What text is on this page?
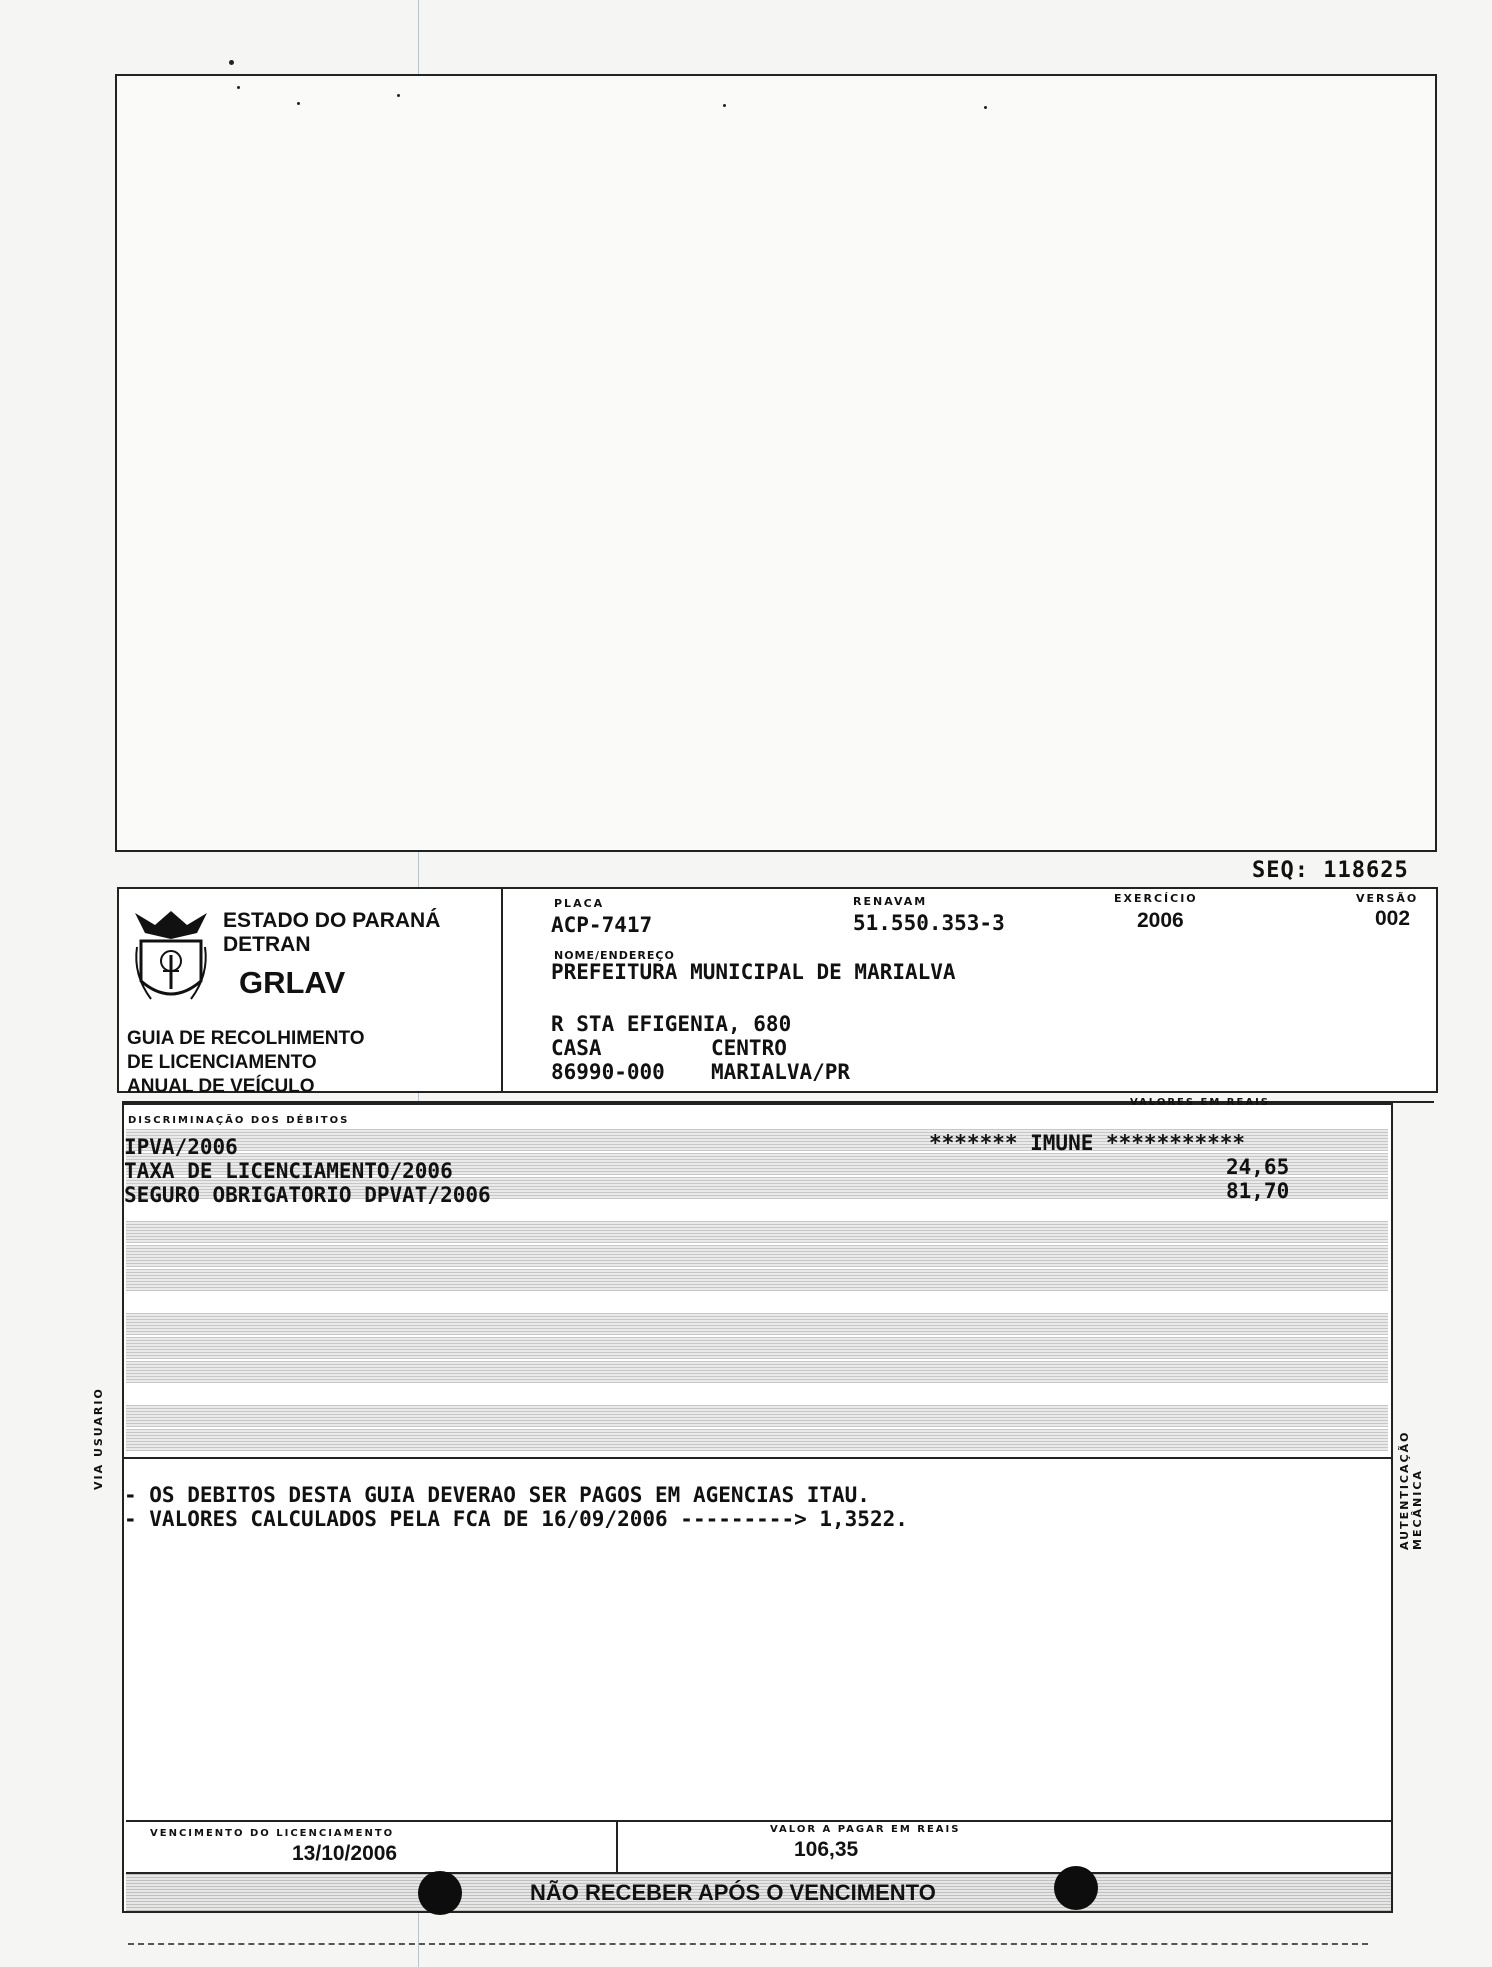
SEQ: 118625
ESTADO DO PARANÁ
DETRAN
GRLAV
GUIA DE RECOLHIMENTO
DE LICENCIAMENTO
ANUAL DE VEÍCULO
PLACA
ACP-7417
RENAVAM
51.550.353-3
EXERCÍCIO
2006
VERSÃO
002
NOME/ENDEREÇO
PREFEITURA MUNICIPAL DE MARIALVA
R STA EFIGENIA, 680
CASA	CENTRO
86990-000 MARIALVA/PR
DISCRIMINAÇÃO DOS DÉBITOS
VALORES EM REAIS
IPVA/2006	******* IMUNE ***********
TAXA DE LICENCIAMENTO/2006	24,65
SEGURO OBRIGATORIO DPVAT/2006	81,70
- OS DEBITOS DESTA GUIA DEVERAO SER PAGOS EM AGENCIAS ITAU.
- VALORES CALCULADOS PELA FCA DE 16/09/2006 ---------> 1,3522.
VENCIMENTO DO LICENCIAMENTO
13/10/2006
VALOR A PAGAR EM REAIS
106,35
NÃO RECEBER APÓS O VENCIMENTO
VIA USUARIO	AUTENTICAÇÃO MECÂNICA
